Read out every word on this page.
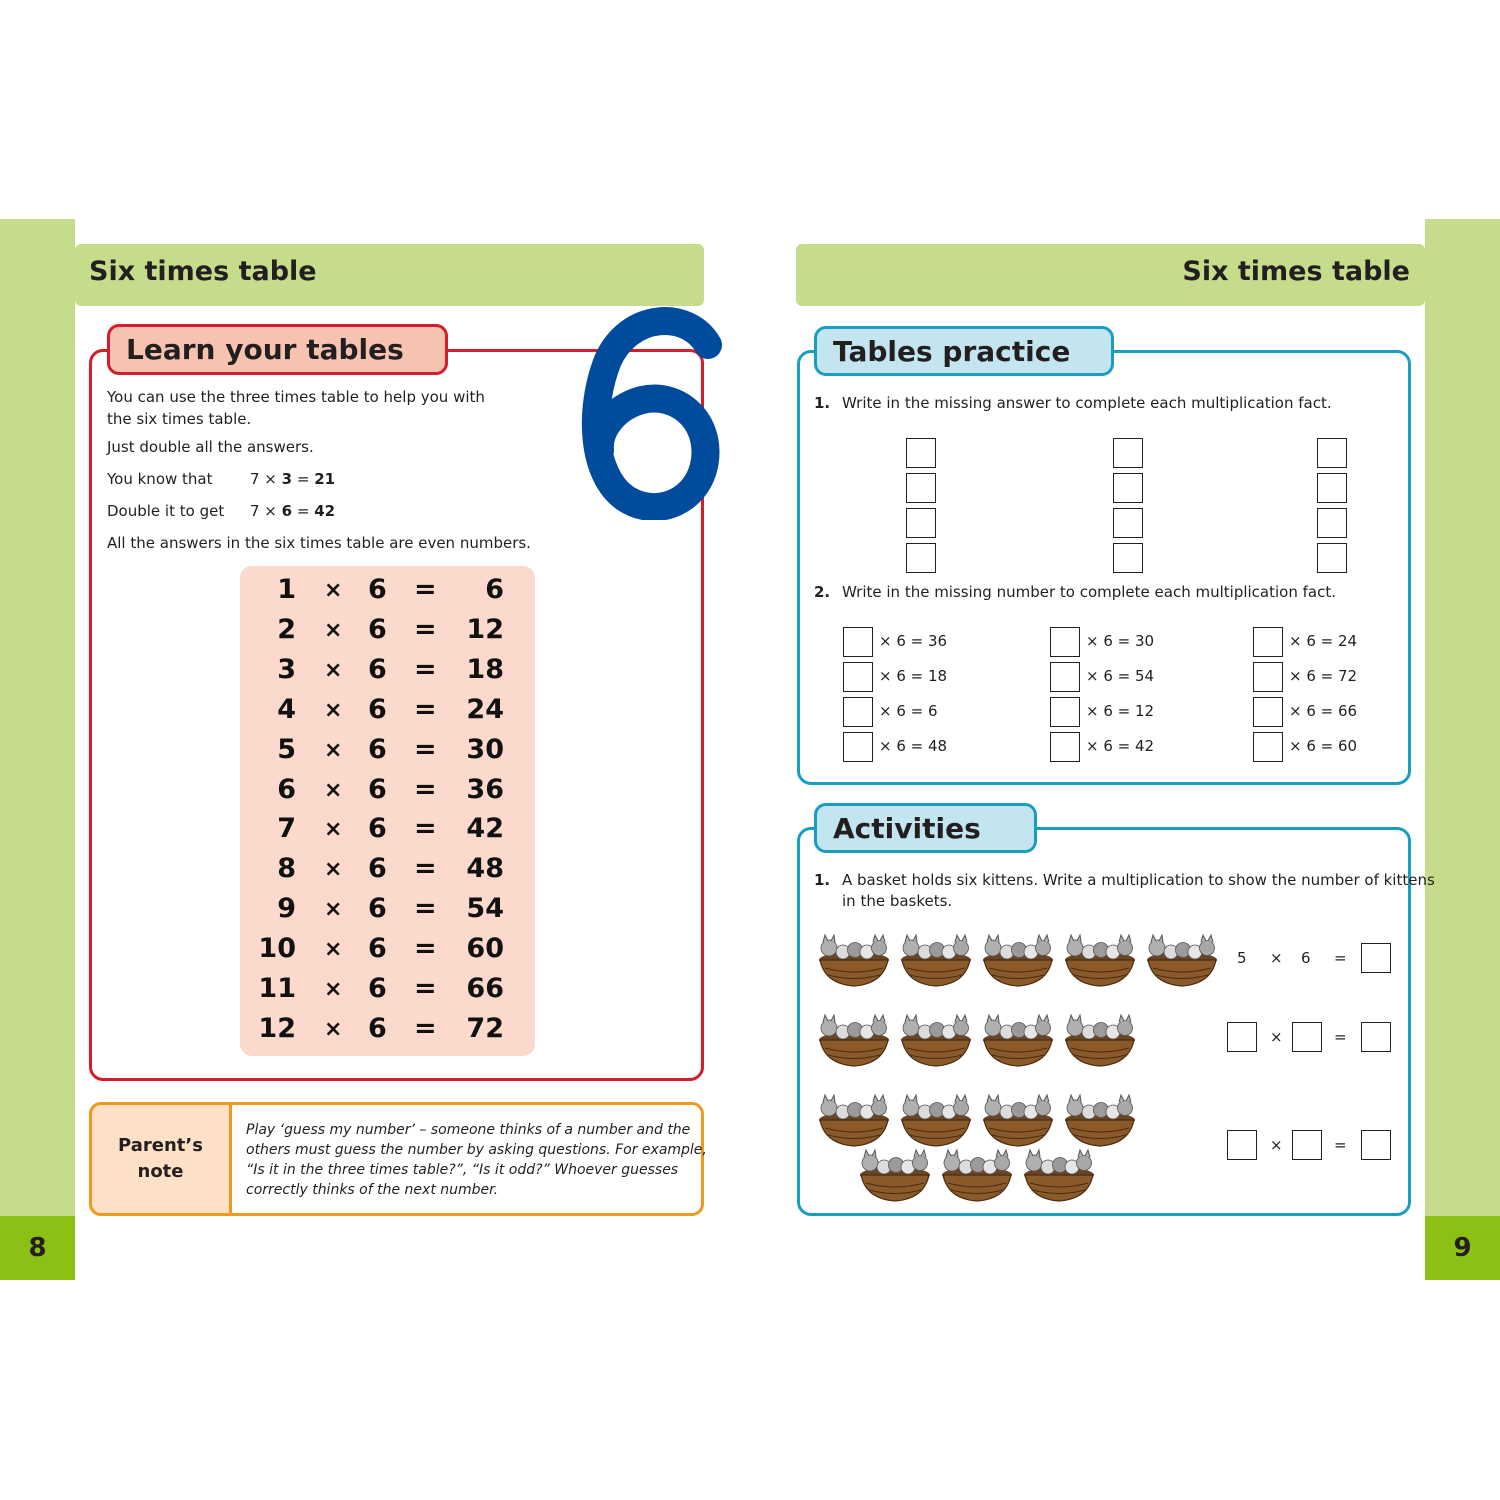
8
Six times table
Learn your tables
You can use the three times table to help you with
the six times table.
Just double all the answers.
You know that	7 × 3 = 21
Double it to get 7 × 6 = 42
All the answers in the six times table are even numbers.
1 × 6 = 6
2 × 6 = 12
3 × 6 = 18
4 × 6 = 24
5 × 6 = 30
6 × 6 = 36
7 × 6 = 42
8 × 6 = 48
9 × 6 = 54
10 × 6 = 60
11 × 6 = 66
12 × 6 = 72
Parent’s
note
Play ‘guess my number’ – someone thinks of a number and the
others must guess the number by asking questions. For example,
“Is it in the three times table?”, “Is it odd?” Whoever guesses
correctly thinks of the next number.
9
Six times table
Tables practice
1. Write in the missing answer to complete each multiplication fact.
2. Write in the missing number to complete each multiplication fact.
× 6 = 36	× 6 = 30	× 6 = 24
× 6 = 18	× 6 = 54	× 6 = 72
× 6 = 6	× 6 = 12	× 6 = 66
× 6 = 48	× 6 = 42	× 6 = 60
Activities
1. A basket holds six kittens. Write a multiplication to show the number of kittens
in the baskets.
5 × 6 =
×	=
×	=
